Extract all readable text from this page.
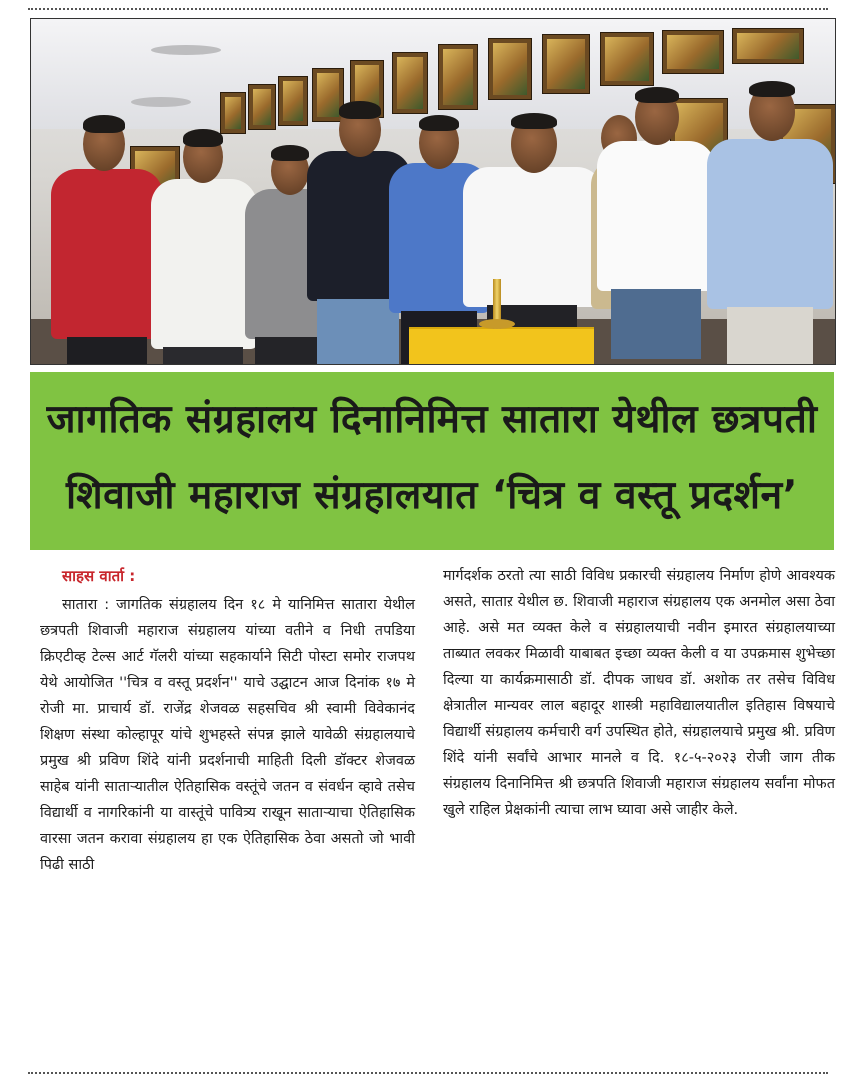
जागतिक संग्रहालय दिनानिमित्त सातारा येथील छत्रपती
शिवाजी महाराज संग्रहालयात ‘चित्र व वस्तू प्रदर्शन’
साहस वार्ता :
सातारा : जागतिक संग्रहालय दिन १८ मे यानिमित्त सातारा येथील छत्रपती शिवाजी महाराज संग्रहालय यांच्या वतीने व निधी तपडिया क्रिएटीव्ह टेल्स आर्ट गॅलरी यांच्या सहकार्याने सिटी पोस्टा समोर राजपथ येथे आयोजित ''चित्र व वस्तू प्रदर्शन'' याचे उद्घाटन आज दिनांक १७ मे रोजी मा. प्राचार्य डॉ. राजेंद्र शेजवळ सहसचिव श्री स्वामी विवेकानंद शिक्षण संस्था कोल्हापूर यांचे शुभहस्ते संपन्न झाले यावेळी संग्रहालयाचे प्रमुख श्री प्रविण शिंदे यांनी प्रदर्शनाची माहिती दिली डॉक्टर शेजवळ साहेब यांनी साताऱ्यातील ऐतिहासिक वस्तूंचे जतन व संवर्धन व्हावे तसेच विद्यार्थी व नागरिकांनी या वास्तूंचे पावित्र्य राखून साताऱ्याचा ऐतिहासिक वारसा जतन करावा संग्रहालय हा एक ऐतिहासिक ठेवा असतो जो भावी पिढी साठी
मार्गदर्शक ठरतो त्या साठी विविध प्रकारची संग्रहालय निर्माण होणे आवश्यक असते, साताऱ येथील छ. शिवाजी महाराज संग्रहालय एक अनमोल असा ठेवा आहे. असे मत व्यक्त केले व संग्रहालयाची नवीन इमारत संग्रहालयाच्या ताब्यात लवकर मिळावी याबाबत इच्छा व्यक्त केली व या उपक्रमास शुभेच्छा दिल्या या कार्यक्रमासाठी डॉ. दीपक जाधव डॉ. अशोक तर तसेच विविध क्षेत्रातील मान्यवर लाल बहादूर शास्त्री महाविद्यालयातील इतिहास विषयाचे विद्यार्थी संग्रहालय कर्मचारी वर्ग उपस्थित होते, संग्रहालयाचे प्रमुख श्री. प्रविण शिंदे यांनी सर्वांचे आभार मानले व दि. १८-५-२०२३ रोजी जाग तीक संग्रहालय दिनानिमित्त श्री छत्रपति शिवाजी महाराज संग्रहालय सर्वांना मोफत खुले राहिल प्रेक्षकांनी त्याचा लाभ घ्यावा असे जाहीर केले.
